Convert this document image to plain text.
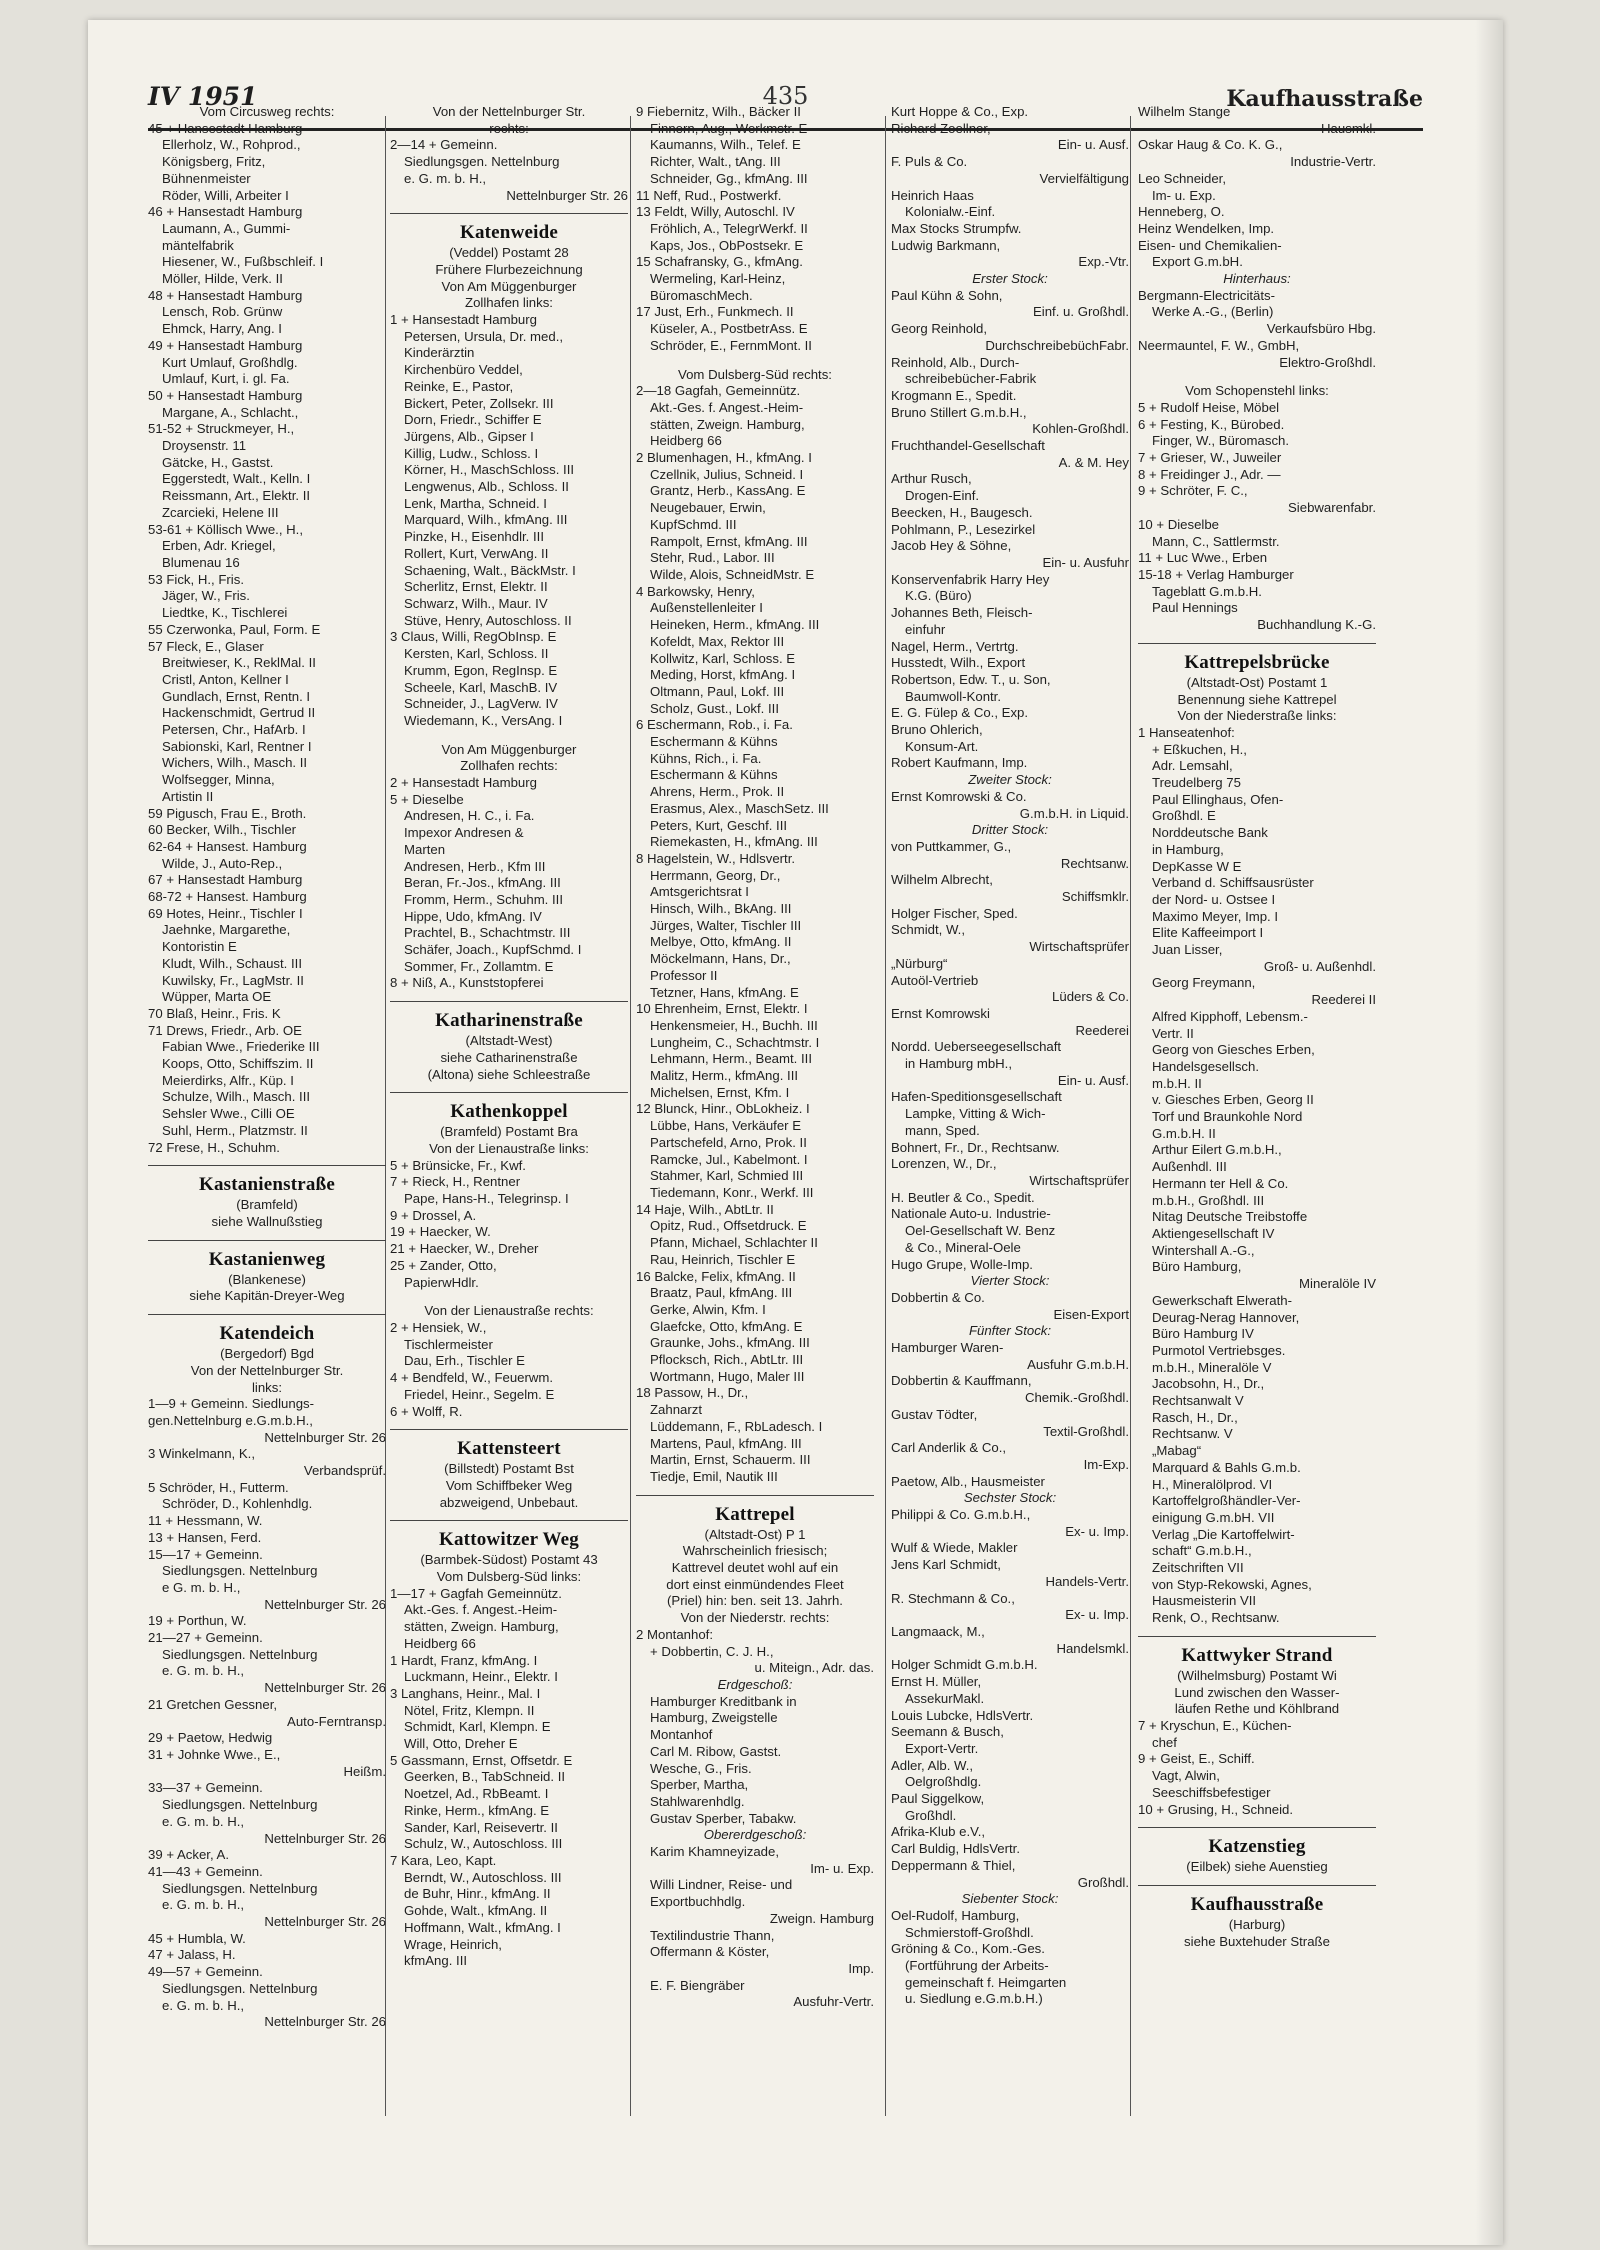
IV 1951	435	Kaufhausstraße
Vom Circusweg rechts:
45 + Hansestadt Hamburg
Ellerholz, W., Rohprod.,
Königsberg, Fritz,
Bühnenmeister
Röder, Willi, Arbeiter I
46 + Hansestadt Hamburg
Laumann, A., Gummi-
mäntelfabrik
Hiesener, W., Fußbschleif. I
Möller, Hilde, Verk. II
48 + Hansestadt Hamburg
Lensch, Rob. Grünw
Ehmck, Harry, Ang. I
49 + Hansestadt Hamburg
Kurt Umlauf, Großhdlg.
Umlauf, Kurt, i. gl. Fa.
50 + Hansestadt Hamburg
Margane, A., Schlacht.,
51-52 + Struckmeyer, H.,
Droysenstr. 11
Gätcke, H., Gastst.
Eggerstedt, Walt., Kelln. I
Reissmann, Art., Elektr. II
Zcarcieki, Helene III
53-61 + Köllisch Wwe., H.,
Erben, Adr. Kriegel,
Blumenau 16
53 Fick, H., Fris.
Jäger, W., Fris.
Liedtke, K., Tischlerei
55 Czerwonka, Paul, Form. E
57 Fleck, E., Glaser
Breitwieser, K., ReklMal. II
Cristl, Anton, Kellner I
Gundlach, Ernst, Rentn. I
Hackenschmidt, Gertrud II
Petersen, Chr., HafArb. I
Sabionski, Karl, Rentner I
Wichers, Wilh., Masch. II
Wolfsegger, Minna,
Artistin II
59 Pigusch, Frau E., Broth.
60 Becker, Wilh., Tischler
62-64 + Hansest. Hamburg
Wilde, J., Auto-Rep.,
67 + Hansestadt Hamburg
68-72 + Hansest. Hamburg
69 Hotes, Heinr., Tischler I
Jaehnke, Margarethe,
Kontoristin E
Kludt, Wilh., Schaust. III
Kuwilsky, Fr., LagMstr. II
Wüpper, Marta OE
70 Blaß, Heinr., Fris. K
71 Drews, Friedr., Arb. OE
Fabian Wwe., Friederike III
Koops, Otto, Schiffszim. II
Meierdirks, Alfr., Küp. I
Schulze, Wilh., Masch. III
Sehsler Wwe., Cilli OE
Suhl, Herm., Platzmstr. II
72 Frese, H., Schuhm.
Kastanienstraße
(Bramfeld)
siehe Wallnußstieg
Kastanienweg
(Blankenese)
siehe Kapitän-Dreyer-Weg
Katendeich
(Bergedorf) Bgd
Von der Nettelnburger Str.
links:
1—9 + Gemeinn. Siedlungs-
gen.Nettelnburg e.G.m.b.H.,
Nettelnburger Str. 26
3 Winkelmann, K.,
Verbandsprüf.
5 Schröder, H., Futterm.
Schröder, D., Kohlenhdlg.
11 + Hessmann, W.
13 + Hansen, Ferd.
15—17 + Gemeinn.
Siedlungsgen. Nettelnburg
e G. m. b. H.,
Nettelnburger Str. 26
19 + Porthun, W.
21—27 + Gemeinn.
Siedlungsgen. Nettelnburg
e. G. m. b. H.,
Nettelnburger Str. 26
21 Gretchen Gessner,
Auto-Ferntransp.
29 + Paetow, Hedwig
31 + Johnke Wwe., E.,
Heißm.
33—37 + Gemeinn.
Siedlungsgen. Nettelnburg
e. G. m. b. H.,
Nettelnburger Str. 26
39 + Acker, A.
41—43 + Gemeinn.
Siedlungsgen. Nettelnburg
e. G. m. b. H.,
Nettelnburger Str. 26
45 + Humbla, W.
47 + Jalass, H.
49—57 + Gemeinn.
Siedlungsgen. Nettelnburg
e. G. m. b. H.,
Nettelnburger Str. 26
Von der Nettelnburger Str.
rechts:
2—14 + Gemeinn.
Siedlungsgen. Nettelnburg
e. G. m. b. H.,
Nettelnburger Str. 26
Katenweide
(Veddel) Postamt 28
Frühere Flurbezeichnung
Von Am Müggenburger
Zollhafen links:
1 + Hansestadt Hamburg
Petersen, Ursula, Dr. med.,
Kinderärztin
Kirchenbüro Veddel,
Reinke, E., Pastor,
Bickert, Peter, Zollsekr. III
Dorn, Friedr., Schiffer E
Jürgens, Alb., Gipser I
Killig, Ludw., Schloss. I
Körner, H., MaschSchloss. III
Lengwenus, Alb., Schloss. II
Lenk, Martha, Schneid. I
Marquard, Wilh., kfmAng. III
Pinzke, H., Eisenhdlr. III
Rollert, Kurt, VerwAng. II
Schaening, Walt., BäckMstr. I
Scherlitz, Ernst, Elektr. II
Schwarz, Wilh., Maur. IV
Stüve, Henry, Autoschloss. II
3 Claus, Willi, RegObInsp. E
Kersten, Karl, Schloss. II
Krumm, Egon, RegInsp. E
Scheele, Karl, MaschB. IV
Schneider, J., LagVerw. IV
Wiedemann, K., VersAng. I
Von Am Müggenburger
Zollhafen rechts:
2 + Hansestadt Hamburg
5 + Dieselbe
Andresen, H. C., i. Fa.
Impexor Andresen &
Marten
Andresen, Herb., Kfm III
Beran, Fr.-Jos., kfmAng. III
Fromm, Herm., Schuhm. III
Hippe, Udo, kfmAng. IV
Prachtel, B., Schachtmstr. III
Schäfer, Joach., KupfSchmd. I
Sommer, Fr., Zollamtm. E
8 + Niß, A., Kunststopferei
Katharinenstraße
(Altstadt-West)
siehe Catharinenstraße
(Altona) siehe Schleestraße
Kathenkoppel
(Bramfeld) Postamt Bra
Von der Lienaustraße links:
5 + Brünsicke, Fr., Kwf.
7 + Rieck, H., Rentner
Pape, Hans-H., Telegrinsp. I
9 + Drossel, A.
19 + Haecker, W.
21 + Haecker, W., Dreher
25 + Zander, Otto,
PapierwHdlr.
Von der Lienaustraße rechts:
2 + Hensiek, W.,
Tischlermeister
Dau, Erh., Tischler E
4 + Bendfeld, W., Feuerwm.
Friedel, Heinr., Segelm. E
6 + Wolff, R.
Kattensteert
(Billstedt) Postamt Bst
Vom Schiffbeker Weg
abzweigend, Unbebaut.
Kattowitzer Weg
(Barmbek-Südost) Postamt 43
Vom Dulsberg-Süd links:
1—17 + Gagfah Gemeinnütz.
Akt.-Ges. f. Angest.-Heim-
stätten, Zweign. Hamburg,
Heidberg 66
1 Hardt, Franz, kfmAng. I
Luckmann, Heinr., Elektr. I
3 Langhans, Heinr., Mal. I
Nötel, Fritz, Klempn. II
Schmidt, Karl, Klempn. E
Will, Otto, Dreher E
5 Gassmann, Ernst, Offsetdr. E
Geerken, B., TabSchneid. II
Noetzel, Ad., RbBeamt. I
Rinke, Herm., kfmAng. E
Sander, Karl, Reisevertr. II
Schulz, W., Autoschloss. III
7 Kara, Leo, Kapt.
Berndt, W., Autoschloss. III
de Buhr, Hinr., kfmAng. II
Gohde, Walt., kfmAng. II
Hoffmann, Walt., kfmAng. I
Wrage, Heinrich,
kfmAng. III
9 Fiebernitz, Wilh., Bäcker II
Finnern, Aug., Werkmstr. E
Kaumanns, Wilh., Telef. E
Richter, Walt., tAng. III
Schneider, Gg., kfmAng. III
11 Neff, Rud., Postwerkf.
13 Feldt, Willy, Autoschl. IV
Fröhlich, A., TelegrWerkf. II
Kaps, Jos., ObPostsekr. E
15 Schafransky, G., kfmAng.
Wermeling, Karl-Heinz,
BüromaschMech.
17 Just, Erh., Funkmech. II
Küseler, A., PostbetrAss. E
Schröder, E., FernmMont. II
Vom Dulsberg-Süd rechts:
2—18 Gagfah, Gemeinnütz.
Akt.-Ges. f. Angest.-Heim-
stätten, Zweign. Hamburg,
Heidberg 66
2 Blumenhagen, H., kfmAng. I
Czellnik, Julius, Schneid. I
Grantz, Herb., KassAng. E
Neugebauer, Erwin,
KupfSchmd. III
Rampolt, Ernst, kfmAng. III
Stehr, Rud., Labor. III
Wilde, Alois, SchneidMstr. E
4 Barkowsky, Henry,
Außenstellenleiter I
Heineken, Herm., kfmAng. III
Kofeldt, Max, Rektor III
Kollwitz, Karl, Schloss. E
Meding, Horst, kfmAng. I
Oltmann, Paul, Lokf. III
Scholz, Gust., Lokf. III
6 Eschermann, Rob., i. Fa.
Eschermann & Kühns
Kühns, Rich., i. Fa.
Eschermann & Kühns
Ahrens, Herm., Prok. II
Erasmus, Alex., MaschSetz. III
Peters, Kurt, Geschf. III
Riemekasten, H., kfmAng. III
8 Hagelstein, W., Hdlsvertr.
Herrmann, Georg, Dr.,
Amtsgerichtsrat I
Hinsch, Wilh., BkAng. III
Jürges, Walter, Tischler III
Melbye, Otto, kfmAng. II
Möckelmann, Hans, Dr.,
Professor II
Tetzner, Hans, kfmAng. E
10 Ehrenheim, Ernst, Elektr. I
Henkensmeier, H., Buchh. III
Lungheim, C., Schachtmstr. I
Lehmann, Herm., Beamt. III
Malitz, Herm., kfmAng. III
Michelsen, Ernst, Kfm. I
12 Blunck, Hinr., ObLokheiz. I
Lübbe, Hans, Verkäufer E
Partschefeld, Arno, Prok. II
Ramcke, Jul., Kabelmont. I
Stahmer, Karl, Schmied III
Tiedemann, Konr., Werkf. III
14 Haje, Wilh., AbtLtr. II
Opitz, Rud., Offsetdruck. E
Pfann, Michael, Schlachter II
Rau, Heinrich, Tischler E
16 Balcke, Felix, kfmAng. II
Braatz, Paul, kfmAng. III
Gerke, Alwin, Kfm. I
Glaefcke, Otto, kfmAng. E
Graunke, Johs., kfmAng. III
Pflocksch, Rich., AbtLtr. III
Wortmann, Hugo, Maler III
18 Passow, H., Dr.,
Zahnarzt
Lüddemann, F., RbLadesch. I
Martens, Paul, kfmAng. III
Martin, Ernst, Schauerm. III
Tiedje, Emil, Nautik III
Kattrepel
(Altstadt-Ost) P 1
Wahrscheinlich friesisch;
Kattrevel deutet wohl auf ein
dort einst einmündendes Fleet
(Priel) hin: ben. seit 13. Jahrh.
Von der Niederstr. rechts:
2 Montanhof:
+ Dobbertin, C. J. H.,
u. Miteign., Adr. das.
Erdgeschoß:
Hamburger Kreditbank in
Hamburg, Zweigstelle
Montanhof
Carl M. Ribow, Gastst.
Wesche, G., Fris.
Sperber, Martha,
Stahlwarenhdlg.
Gustav Sperber, Tabakw.
Obererdgeschoß:
Karim Khamneyizade,
Im- u. Exp.
Willi Lindner, Reise- und
Exportbuchhdlg.
Zweign. Hamburg
Textilindustrie Thann,
Offermann & Köster,
Imp.
E. F. Biengräber
Ausfuhr-Vertr.
Kurt Hoppe & Co., Exp.
Richard Zoellner,
Ein- u. Ausf.
F. Puls & Co.
Vervielfältigung
Heinrich Haas
Kolonialw.-Einf.
Max Stocks Strumpfw.
Ludwig Barkmann,
Exp.-Vtr.
Erster Stock:
Paul Kühn & Sohn,
Einf. u. Großhdl.
Georg Reinhold,
DurchschreibebüchFabr.
Reinhold, Alb., Durch-
schreibebücher-Fabrik
Krogmann E., Spedit.
Bruno Stillert G.m.b.H.,
Kohlen-Großhdl.
Fruchthandel-Gesellschaft
A. & M. Hey
Arthur Rusch,
Drogen-Einf.
Beecken, H., Baugesch.
Pohlmann, P., Lesezirkel
Jacob Hey & Söhne,
Ein- u. Ausfuhr
Konservenfabrik Harry Hey
K.G. (Büro)
Johannes Beth, Fleisch-
einfuhr
Nagel, Herm., Vertrtg.
Husstedt, Wilh., Export
Robertson, Edw. T., u. Son,
Baumwoll-Kontr.
E. G. Fülep & Co., Exp.
Bruno Ohlerich,
Konsum-Art.
Robert Kaufmann, Imp.
Zweiter Stock:
Ernst Komrowski & Co.
G.m.b.H. in Liquid.
Dritter Stock:
von Puttkammer, G.,
Rechtsanw.
Wilhelm Albrecht,
Schiffsmklr.
Holger Fischer, Sped.
Schmidt, W.,
Wirtschaftsprüfer
„Nürburg“
Autoöl-Vertrieb
Lüders & Co.
Ernst Komrowski
Reederei
Nordd. Ueberseegesellschaft
in Hamburg mbH.,
Ein- u. Ausf.
Hafen-Speditionsgesellschaft
Lampke, Vitting & Wich-
mann, Sped.
Bohnert, Fr., Dr., Rechtsanw.
Lorenzen, W., Dr.,
Wirtschaftsprüfer
H. Beutler & Co., Spedit.
Nationale Auto-u. Industrie-
Oel-Gesellschaft W. Benz
& Co., Mineral-Oele
Hugo Grupe, Wolle-Imp.
Vierter Stock:
Dobbertin & Co.
Eisen-Export
Fünfter Stock:
Hamburger Waren-
Ausfuhr G.m.b.H.
Dobbertin & Kauffmann,
Chemik.-Großhdl.
Gustav Tödter,
Textil-Großhdl.
Carl Anderlik & Co.,
Im-Exp.
Paetow, Alb., Hausmeister
Sechster Stock:
Philippi & Co. G.m.b.H.,
Ex- u. Imp.
Wulf & Wiede, Makler
Jens Karl Schmidt,
Handels-Vertr.
R. Stechmann & Co.,
Ex- u. Imp.
Langmaack, M.,
Handelsmkl.
Holger Schmidt G.m.b.H.
Ernst H. Müller,
AssekurMakl.
Louis Lubcke, HdlsVertr.
Seemann & Busch,
Export-Vertr.
Adler, Alb. W.,
Oelgroßhdlg.
Paul Siggelkow,
Großhdl.
Afrika-Klub e.V.,
Carl Buldig, HdlsVertr.
Deppermann & Thiel,
Großhdl.
Siebenter Stock:
Oel-Rudolf, Hamburg,
Schmierstoff-Großhdl.
Gröning & Co., Kom.-Ges.
(Fortführung der Arbeits-
gemeinschaft f. Heimgarten
u. Siedlung e.G.m.b.H.)
Wilhelm Stange
Hausmkl.
Oskar Haug & Co. K. G.,
Industrie-Vertr.
Leo Schneider,
Im- u. Exp.
Henneberg, O.
Heinz Wendelken, Imp.
Eisen- und Chemikalien-
Export G.m.bH.
Hinterhaus:
Bergmann-Electricitäts-
Werke A.-G., (Berlin)
Verkaufsbüro Hbg.
Neermauntel, F. W., GmbH,
Elektro-Großhdl.
Vom Schopenstehl links:
5 + Rudolf Heise, Möbel
6 + Festing, K., Bürobed.
Finger, W., Büromasch.
7 + Grieser, W., Juweiler
8 + Freidinger J., Adr. —
9 + Schröter, F. C.,
Siebwarenfabr.
10 + Dieselbe
Mann, C., Sattlermstr.
11 + Luc Wwe., Erben
15-18 + Verlag Hamburger
Tageblatt G.m.b.H.
Paul Hennings
Buchhandlung K.-G.
Kattrepelsbrücke
(Altstadt-Ost) Postamt 1
Benennung siehe Kattrepel
Von der Niederstraße links:
1 Hanseatenhof:
+ Eßkuchen, H.,
Adr. Lemsahl,
Treudelberg 75
Paul Ellinghaus, Ofen-
Großhdl. E
Norddeutsche Bank
in Hamburg,
DepKasse W E
Verband d. Schiffsausrüster
der Nord- u. Ostsee I
Maximo Meyer, Imp. I
Elite Kaffeeimport I
Juan Lisser,
Groß- u. Außenhdl.
Georg Freymann,
Reederei II
Alfred Kipphoff, Lebensm.-
Vertr. II
Georg von Giesches Erben,
Handelsgesellsch.
m.b.H. II
v. Giesches Erben, Georg II
Torf und Braunkohle Nord
G.m.b.H. II
Arthur Eilert G.m.b.H.,
Außenhdl. III
Hermann ter Hell & Co.
m.b.H., Großhdl. III
Nitag Deutsche Treibstoffe
Aktiengesellschaft IV
Wintershall A.-G.,
Büro Hamburg,
Mineralöle IV
Gewerkschaft Elwerath-
Deurag-Nerag Hannover,
Büro Hamburg IV
Purmotol Vertriebsges.
m.b.H., Mineralöle V
Jacobsohn, H., Dr.,
Rechtsanwalt V
Rasch, H., Dr.,
Rechtsanw. V
„Mabag“
Marquard & Bahls G.m.b.
H., Mineralölprod. VI
Kartoffelgroßhändler-Ver-
einigung G.m.bH. VII
Verlag „Die Kartoffelwirt-
schaft“ G.m.b.H.,
Zeitschriften VII
von Styp-Rekowski, Agnes,
Hausmeisterin VII
Renk, O., Rechtsanw.
Kattwyker Strand
(Wilhelmsburg) Postamt Wi
Lund zwischen den Wasser-
läufen Rethe und Köhlbrand
7 + Kryschun, E., Küchen-
chef
9 + Geist, E., Schiff.
Vagt, Alwin,
Seeschiffsbefestiger
10 + Grusing, H., Schneid.
Katzenstieg
(Eilbek) siehe Auenstieg
Kaufhausstraße
(Harburg)
siehe Buxtehuder Straße
